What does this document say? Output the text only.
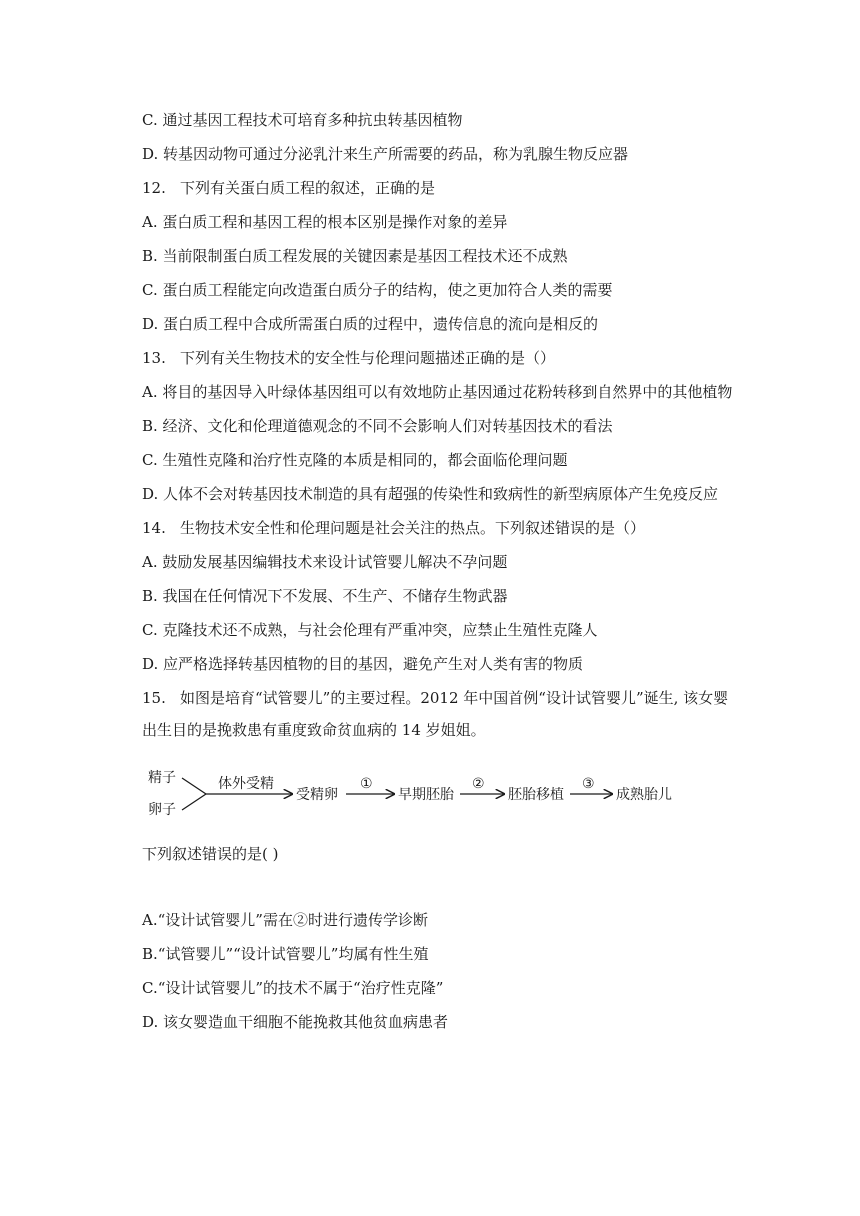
C. 通过基因工程技术可培育多种抗虫转基因植物
D. 转基因动物可通过分泌乳汁来生产所需要的药品，称为乳腺生物反应器
12. 下列有关蛋白质工程的叙述，正确的是
A. 蛋白质工程和基因工程的根本区别是操作对象的差异
B. 当前限制蛋白质工程发展的关键因素是基因工程技术还不成熟
C. 蛋白质工程能定向改造蛋白质分子的结构，使之更加符合人类的需要
D. 蛋白质工程中合成所需蛋白质的过程中，遗传信息的流向是相反的
13. 下列有关生物技术的安全性与伦理问题描述正确的是（）
A. 将目的基因导入叶绿体基因组可以有效地防止基因通过花粉转移到自然界中的其他植物
B. 经济、文化和伦理道德观念的不同不会影响人们对转基因技术的看法
C. 生殖性克隆和治疗性克隆的本质是相同的，都会面临伦理问题
D. 人体不会对转基因技术制造的具有超强的传染性和致病性的新型病原体产生免疫反应
14. 生物技术安全性和伦理问题是社会关注的热点。下列叙述错误的是（）
A. 鼓励发展基因编辑技术来设计试管婴儿解决不孕问题
B. 我国在任何情况下不发展、不生产、不储存生物武器
C. 克隆技术还不成熟，与社会伦理有严重冲突，应禁止生殖性克隆人
D. 应严格选择转基因植物的目的基因，避免产生对人类有害的物质
15. 如图是培育“试管婴儿”的主要过程。2012 年中国首例“设计试管婴儿”诞生, 该女婴
出生目的是挽救患有重度致命贫血病的 14 岁姐姐。
精子
卵子
体外受精
受精卵
①
早期胚胎
②
胚胎移植
③
成熟胎儿
下列叙述错误的是( )
A.“设计试管婴儿”需在②时进行遗传学诊断
B.“试管婴儿”“设计试管婴儿”均属有性生殖
C.“设计试管婴儿”的技术不属于“治疗性克隆”
D. 该女婴造血干细胞不能挽救其他贫血病患者
